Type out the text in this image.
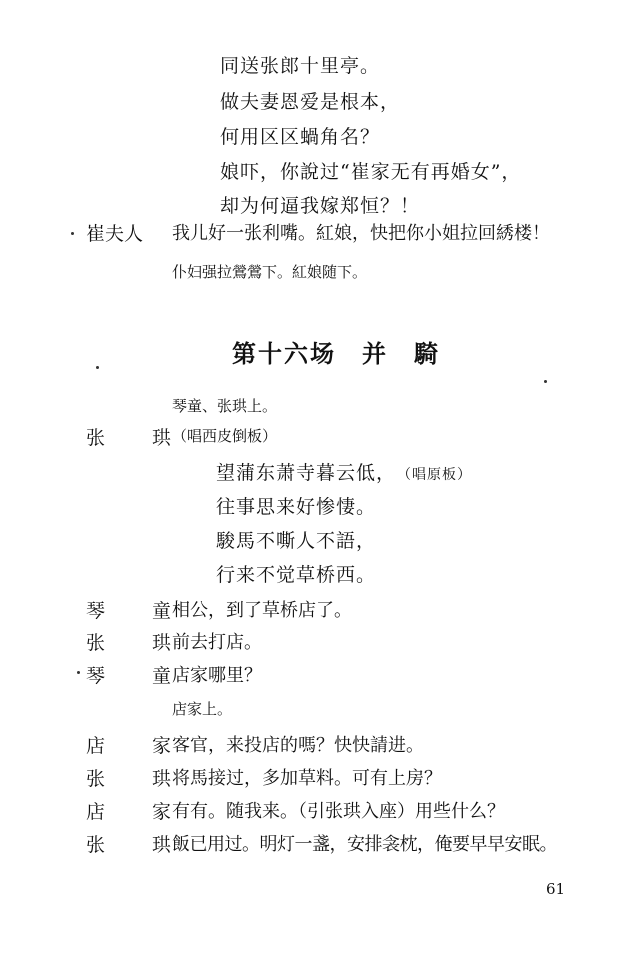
同送张郎十里亭。
做夫妻恩爱是根本，
何用区区蝸角名？
娘吓，你說过“崔家无有再婚女”，
却为何逼我嫁郑恒？！
崔夫人 我儿好一张利嘴。紅娘，快把你小姐拉回綉楼！
仆妇强拉鶯鶯下。紅娘随下。
第十六场　并　騎
琴童、张珙上。
张　珙
（唱西皮倒板）
望蒲东萧寺暮云低， （唱原板）
往事思来好惨悽。
駿馬不嘶人不語，
行来不觉草桥西。
琴　童
相公，到了草桥店了。
张　珙
前去打店。
琴　童
店家哪里？
店家上。
店　家
客官，来投店的嗎？快快請进。
张　珙
将馬接过，多加草料。可有上房？
店　家
有有。随我来。（引张珙入座）用些什么？
张　珙
飯已用过。明灯一盞，安排衾枕，俺要早早安眠。
61
